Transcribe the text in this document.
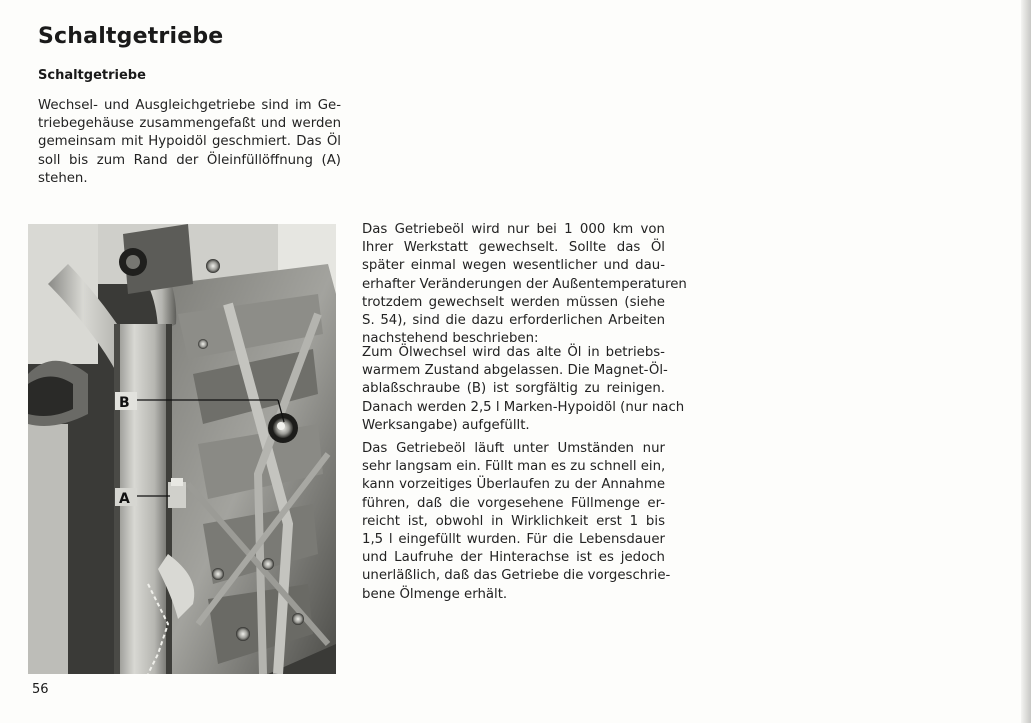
Schaltgetriebe
Schaltgetriebe

Wechsel- und Ausgleichgetriebe sind im Ge-
triebegehäuse zusammengefaßt und werden
gemeinsam mit Hypoidöl geschmiert. Das Öl
soll bis zum Rand der Öleinfüllöffnung (A)
stehen.

B
A

Das Getriebeöl wird nur bei 1 000 km von
Ihrer Werkstatt gewechselt. Sollte das Öl
später einmal wegen wesentlicher und dau-
erhafter Veränderungen der Außentemperaturen
trotzdem gewechselt werden müssen (siehe
S. 54), sind die dazu erforderlichen Arbeiten
nachstehend beschrieben:

Zum Ölwechsel wird das alte Öl in betriebs-
warmem Zustand abgelassen. Die Magnet-Öl-
ablaßschraube (B) ist sorgfältig zu reinigen.
Danach werden 2,5 l Marken-Hypoidöl (nur nach
Werksangabe) aufgefüllt.

Das Getriebeöl läuft unter Umständen nur
sehr langsam ein. Füllt man es zu schnell ein,
kann vorzeitiges Überlaufen zu der Annahme
führen, daß die vorgesehene Füllmenge er-
reicht ist, obwohl in Wirklichkeit erst 1 bis
1,5 l eingefüllt wurden. Für die Lebensdauer
und Laufruhe der Hinterachse ist es jedoch
unerläßlich, daß das Getriebe die vorgeschrie-
bene Ölmenge erhält.

56
